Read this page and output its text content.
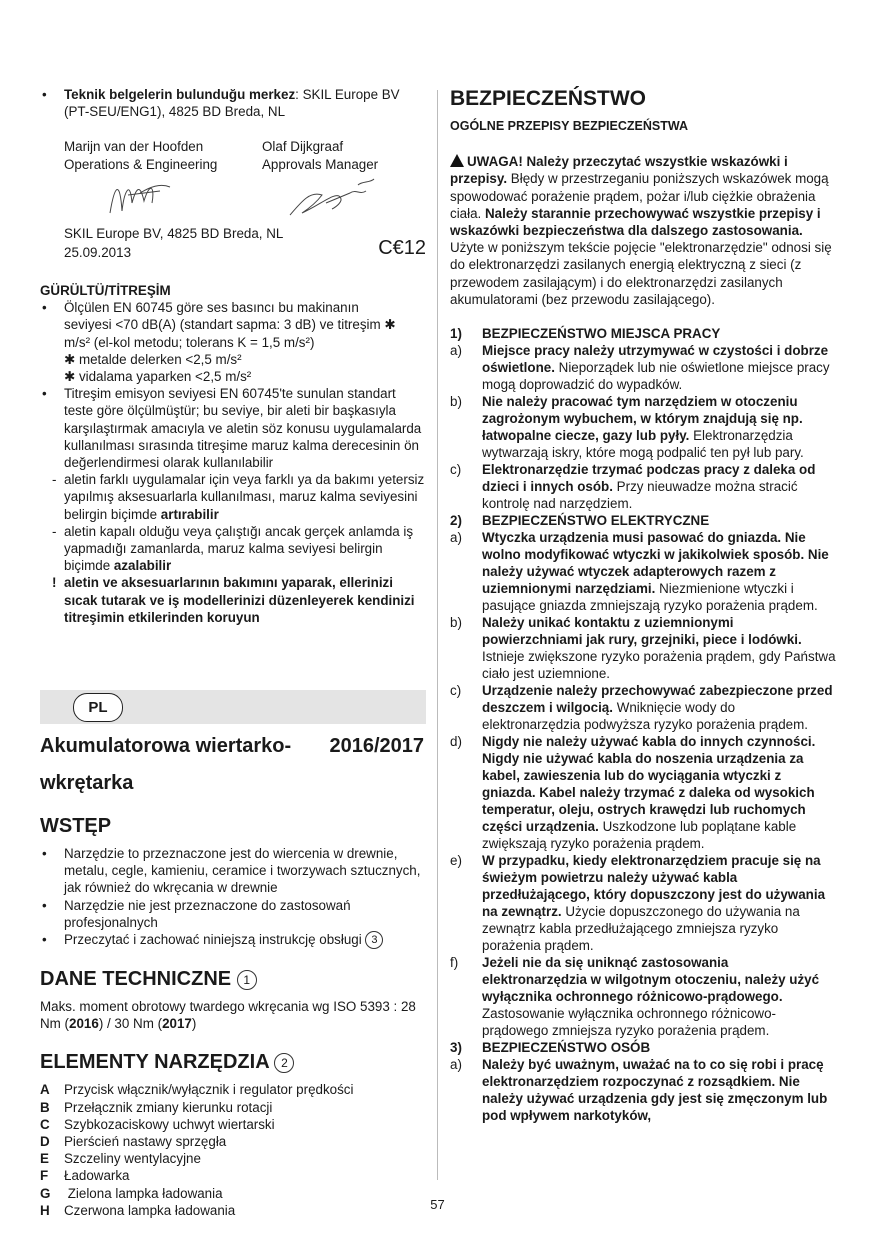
• Teknik belgelerin bulunduğu merkez: SKIL Europe BV (PT-SEU/ENG1), 4825 BD Breda, NL

Marijn van der Hoofden

Operations & Engineering

Olaf Dijkgraaf

Approvals Manager

SKIL Europe BV, 4825 BD Breda, NL

25.09.2013	C€12

GÜRÜLTÜ/TİTREŞİM

• Ölçülen EN 60745 göre ses basıncı bu makinanın

seviyesi <70 dB(A) (standart sapma: 3 dB) ve titreşim ✱

m/s² (el-kol metodu; tolerans K = 1,5 m/s²)

✱ metalde delerken <2,5 m/s²

✱ vidalama yaparken <2,5 m/s²

• Titreşim emisyon seviyesi EN 60745'te sunulan standart teste göre ölçülmüştür; bu seviye, bir aleti bir başkasıyla karşılaştırmak amacıyla ve aletin söz konusu uygulamalarda kullanılması sırasında titreşime maruz kalma derecesinin ön değerlendirmesi olarak kullanılabilir

- aletin farklı uygulamalar için veya farklı ya da bakımı yetersiz yapılmış aksesuarlarla kullanılması, maruz kalma seviyesini belirgin biçimde artırabilir

- aletin kapalı olduğu veya çalıştığı ancak gerçek anlamda iş yapmadığı zamanlarda, maruz kalma seviyesi belirgin biçimde azalabilir

! aletin ve aksesuarlarının bakımını yaparak, ellerinizi sıcak tutarak ve iş modellerinizi düzenleyerek kendinizi titreşimin etkilerinden koruyun

PL
Akumulatorowa wiertarko- 2016/2017

wkrętarka

WSTĘP

• Narzędzie to przeznaczone jest do wiercenia w drewnie, metalu, cegle, kamieniu, ceramice i tworzywach sztucznych, jak również do wkręcania w drewnie

• Narzędzie nie jest przeznaczone do zastosowań profesjonalnych

• Przeczytać i zachować niniejszą instrukcję obsługi 3

DANE TECHNICZNE 1

Maks. moment obrotowy twardego wkręcania wg ISO 5393 : 28 Nm (2016) / 30 Nm (2017)

ELEMENTY NARZĘDZIA 2

A Przycisk włącznik/wyłącznik i regulator prędkości

B Przełącznik zmiany kierunku rotacji

C Szybkozaciskowy uchwyt wiertarski

D Pierścień nastawy sprzęgła

E Szczeliny wentylacyjne

F Ładowarka

G Zielona lampka ładowania

H Czerwona lampka ładowania

BEZPIECZEŃSTWO

OGÓLNE PRZEPISY BEZPIECZEŃSTWA

UWAGA! Należy przeczytać wszystkie wskazówki i przepisy. Błędy w przestrzeganiu poniższych wskazówek mogą spowodować porażenie prądem, pożar i/lub ciężkie obrażenia ciała. Należy starannie przechowywać wszystkie przepisy i wskazówki bezpieczeństwa dla dalszego zastosowania. Użyte w poniższym tekście pojęcie "elektronarzędzie" odnosi się do elektronarzędzi zasilanych energią elektryczną z sieci (z przewodem zasilającym) i do elektronarzędzi zasilanych akumulatorami (bez przewodu zasilającego).

1) BEZPIECZEŃSTWO MIEJSCA PRACY

a) Miejsce pracy należy utrzymywać w czystości i dobrze oświetlone. Nieporządek lub nie oświetlone miejsce pracy mogą doprowadzić do wypadków.

b) Nie należy pracować tym narzędziem w otoczeniu zagrożonym wybuchem, w którym znajdują się np. łatwopalne ciecze, gazy lub pyły. Elektronarzędzia wytwarzają iskry, które mogą podpalić ten pył lub pary.

c) Elektronarzędzie trzymać podczas pracy z daleka od dzieci i innych osób. Przy nieuwadze można stracić kontrolę nad narzędziem.

2) BEZPIECZEŃSTWO ELEKTRYCZNE

a) Wtyczka urządzenia musi pasować do gniazda. Nie wolno modyfikować wtyczki w jakikolwiek sposób. Nie należy używać wtyczek adapterowych razem z uziemnionymi narzędziami. Niezmienione wtyczki i pasujące gniazda zmniejszają ryzyko porażenia prądem.

b) Należy unikać kontaktu z uziemnionymi powierzchniami jak rury, grzejniki, piece i lodówki. Istnieje zwiększone ryzyko porażenia prądem, gdy Państwa ciało jest uziemnione.

c) Urządzenie należy przechowywać zabezpieczone przed deszczem i wilgocią. Wniknięcie wody do elektronarzędzia podwyższa ryzyko porażenia prądem.

d) Nigdy nie należy używać kabla do innych czynności. Nigdy nie używać kabla do noszenia urządzenia za kabel, zawieszenia lub do wyciągania wtyczki z gniazda. Kabel należy trzymać z daleka od wysokich temperatur, oleju, ostrych krawędzi lub ruchomych części urządzenia. Uszkodzone lub poplątane kable zwiększają ryzyko porażenia prądem.

e) W przypadku, kiedy elektronarzędziem pracuje się na świeżym powietrzu należy używać kabla przedłużającego, który dopuszczony jest do używania na zewnątrz. Użycie dopuszczonego do używania na zewnątrz kabla przedłużającego zmniejsza ryzyko porażenia prądem.

f) Jeżeli nie da się uniknąć zastosowania elektronarzędzia w wilgotnym otoczeniu, należy użyć wyłącznika ochronnego różnicowo-prądowego. Zastosowanie wyłącznika ochronnego różnicowo-prądowego zmniejsza ryzyko porażenia prądem.

3) BEZPIECZEŃSTWO OSÓB

a) Należy być uważnym, uważać na to co się robi i pracę elektronarzędziem rozpoczynać z rozsądkiem. Nie należy używać urządzenia gdy jest się zmęczonym lub pod wpływem narkotyków,

57
